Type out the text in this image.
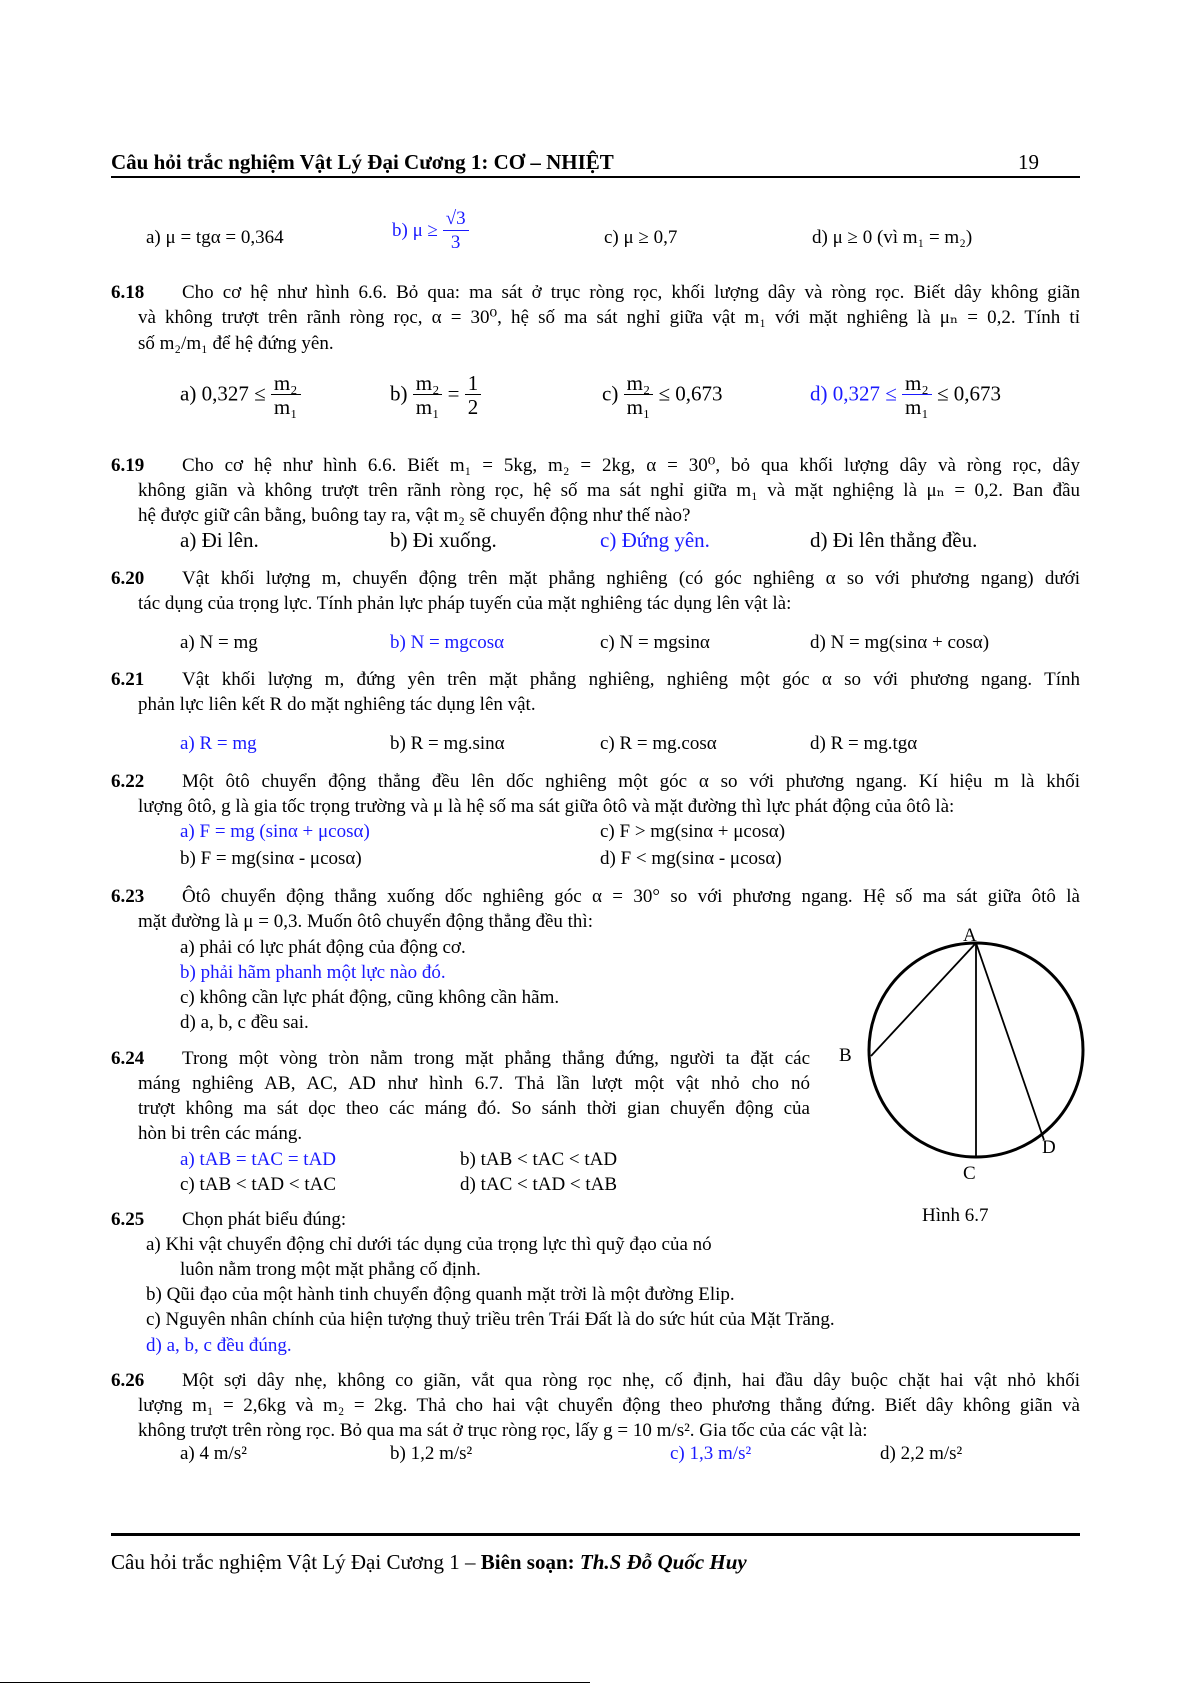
Câu hỏi trắc nghiệm Vật Lý Đại Cương 1: CƠ – NHIỆT	19
a) μ = tgα = 0,364	b) $\mu \ge \frac{√3}{3}$	c) μ ≥ 0,7	d) μ ≥ 0 (vì m₁ = m₂)
6.18 Cho cơ hệ như hình 6.6. Bỏ qua: ma sát ở trục ròng rọc, khối lượng dây và ròng rọc. Biết dây không giãn
và không trượt trên rãnh ròng rọc, α = 30⁰, hệ số ma sát nghỉ giữa vật m₁ với mặt nghiêng là μₙ = 0,2. Tính tỉ
số m₂/m₁ để hệ đứng yên.
a) $0,327 \le \frac{\text{m₂}}{\text{m₁}}$	$b) \frac{\text{m₂}}{\text{m₁}} = \frac{1}{2}$	$c) \frac{\text{m₂}}{\text{m₁}} \le 0,673$	d) $0,327 \le \frac{\text{m₂}}{\text{m₁}} \le 0,673$
6.19 Cho cơ hệ như hình 6.6. Biết m₁ = 5kg, m₂ = 2kg, α = 30⁰, bỏ qua khối lượng dây và ròng rọc, dây
không giãn và không trượt trên rãnh ròng rọc, hệ số ma sát nghỉ giữa m₁ và mặt nghiệng là μₙ = 0,2. Ban đầu
hệ được giữ cân bằng, buông tay ra, vật m₂ sẽ chuyển động như thế nào?
a) Đi lên.	b) Đi xuống.	c) Đứng yên.	d) Đi lên thẳng đều.
6.20 Vật khối lượng m, chuyển động trên mặt phẳng nghiêng (có góc nghiêng α so với phương ngang) dưới
tác dụng của trọng lực. Tính phản lực pháp tuyến của mặt nghiêng tác dụng lên vật là:
a) N = mg	b) N = mgcosα	c) N = mgsinα	d) N = mg(sinα + cosα)
6.21 Vật khối lượng m, đứng yên trên mặt phẳng nghiêng, nghiêng một góc α so với phương ngang. Tính
phản lực liên kết R do mặt nghiêng tác dụng lên vật.
a) R = mg	b) R = mg.sinα	c) R = mg.cosα	d) R = mg.tgα
6.22 Một ôtô chuyển động thẳng đều lên dốc nghiêng một góc α so với phương ngang. Kí hiệu m là khối
lượng ôtô, g là gia tốc trọng trường và μ là hệ số ma sát giữa ôtô và mặt đường thì lực phát động của ôtô là:
a) F = mg (sinα + μcosα)	c) F > mg(sinα + μcosα)
b) F = mg(sinα - μcosα)	d) F < mg(sinα - μcosα)
6.23 Ôtô chuyển động thẳng xuống dốc nghiêng góc α = 30° so với phương ngang. Hệ số ma sát giữa ôtô là
mặt đường là μ = 0,3. Muốn ôtô chuyển động thẳng đều thì:
a) phải có lực phát động của động cơ.
b) phải hãm phanh một lực nào đó.
c) không cần lực phát động, cũng không cần hãm.
d) a, b, c đều sai.
A
B
C
D
Hình 6.7
6.24 Trong một vòng tròn nằm trong mặt phẳng thẳng đứng, người ta đặt các
máng nghiêng AB, AC, AD như hình 6.7. Thả lần lượt một vật nhỏ cho nó
trượt không ma sát dọc theo các máng đó. So sánh thời gian chuyển động của
hòn bi trên các máng.
a) tAB = tAC = tAD	b) tAB < tAC < tAD
c) tAB < tAD < tAC	d) tAC < tAD < tAB
6.25 Chọn phát biểu đúng:
a) Khi vật chuyển động chỉ dưới tác dụng của trọng lực thì quỹ đạo của nó
luôn nằm trong một mặt phẳng cố định.
b) Qũi đạo của một hành tinh chuyển động quanh mặt trời là một đường Elip.
c) Nguyên nhân chính của hiện tượng thuỷ triều trên Trái Đất là do sức hút của Mặt Trăng.
d) a, b, c đều đúng.
6.26 Một sợi dây nhẹ, không co giãn, vắt qua ròng rọc nhẹ, cố định, hai đầu dây buộc chặt hai vật nhỏ khối
lượng m₁ = 2,6kg và m₂ = 2kg. Thả cho hai vật chuyển động theo phương thẳng đứng. Biết dây không giãn và
không trượt trên ròng rọc. Bỏ qua ma sát ở trục ròng rọc, lấy g = 10 m/s². Gia tốc của các vật là:
a) 4 m/s²	b) 1,2 m/s²	c) 1,3 m/s²	d) 2,2 m/s²
Câu hỏi trắc nghiệm Vật Lý Đại Cương 1 – Biên soạn: Th.S Đỗ Quốc Huy
